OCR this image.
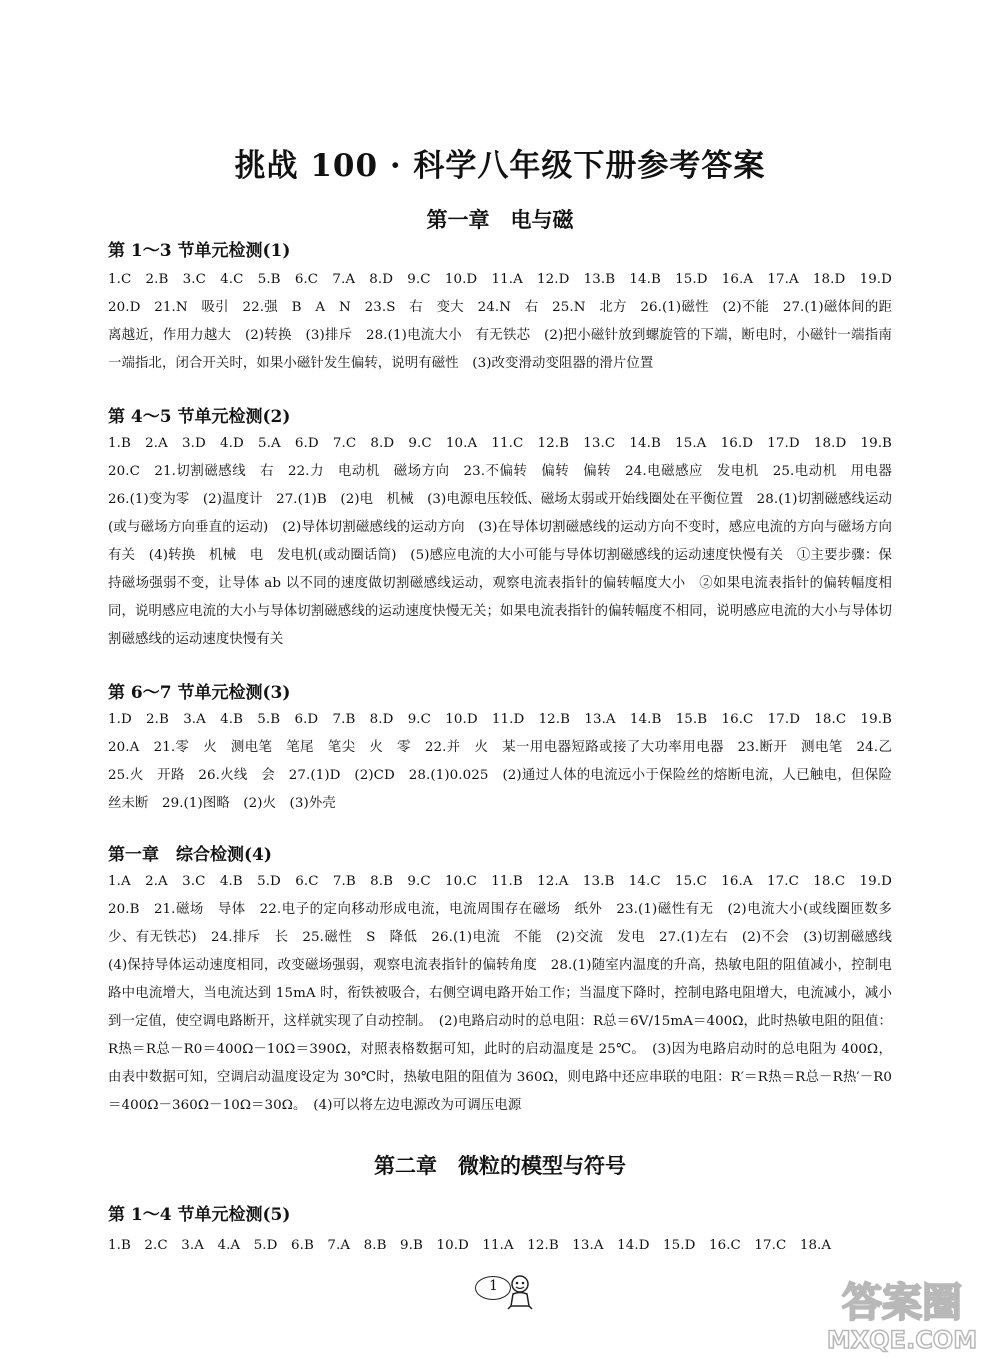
挑战 100 · 科学八年级下册参考答案
第一章　电与磁
第 1～3 节单元检测(1)
1.C　2.B　3.C　4.C　5.B　6.C　7.A　8.D　9.C　10.D　11.A　12.D　13.B　14.B　15.D　16.A　17.A　18.D　19.D　20.D　21.N　吸引　22.强　B　A　N　23.S　右　变大　24.N　右　25.N　北方　26.(1)磁性　(2)不能　27.(1)磁体间的距离越近，作用力越大　(2)转换　(3)排斥　28.(1)电流大小　有无铁芯　(2)把小磁针放到螺旋管的下端，断电时，小磁针一端指南一端指北，闭合开关时，如果小磁针发生偏转，说明有磁性　(3)改变滑动变阻器的滑片位置
第 4～5 节单元检测(2)
1.B　2.A　3.D　4.D　5.A　6.D　7.C　8.D　9.C　10.A　11.C　12.B　13.C　14.B　15.A　16.D　17.D　18.D　19.B　20.C　21.切割磁感线　右　22.力　电动机　磁场方向　23.不偏转　偏转　偏转　24.电磁感应　发电机　25.电动机　用电器　26.(1)变为零　(2)温度计　27.(1)B　(2)电　机械　(3)电源电压较低、磁场太弱或开始线圈处在平衡位置　28.(1)切割磁感线运动(或与磁场方向垂直的运动)　(2)导体切割磁感线的运动方向　(3)在导体切割磁感线的运动方向不变时，感应电流的方向与磁场方向有关　(4)转换　机械　电　发电机(或动圈话筒)　(5)感应电流的大小可能与导体切割磁感线的运动速度快慢有关　①主要步骤：保持磁场强弱不变，让导体 ab 以不同的速度做切割磁感线运动，观察电流表指针的偏转幅度大小　②如果电流表指针的偏转幅度相同，说明感应电流的大小与导体切割磁感线的运动速度快慢无关；如果电流表指针的偏转幅度不相同，说明感应电流的大小与导体切割磁感线的运动速度快慢有关
第 6～7 节单元检测(3)
1.D　2.B　3.A　4.B　5.B　6.D　7.B　8.D　9.C　10.D　11.D　12.B　13.A　14.B　15.B　16.C　17.D　18.C　19.B　20.A　21.零　火　测电笔　笔尾　笔尖　火　零　22.并　火　某一用电器短路或接了大功率用电器　23.断开　测电笔　24.乙　25.火　开路　26.火线　会　27.(1)D　(2)CD　28.(1)0.025　(2)通过人体的电流远小于保险丝的熔断电流，人已触电，但保险丝未断　29.(1)图略　(2)火　(3)外壳
第一章　综合检测(4)
1.A　2.A　3.C　4.B　5.D　6.C　7.B　8.B　9.C　10.C　11.B　12.A　13.B　14.C　15.C　16.A　17.C　18.C　19.D　20.B　21.磁场　导体　22.电子的定向移动形成电流，电流周围存在磁场　纸外　23.(1)磁性有无　(2)电流大小(或线圈匝数多少、有无铁芯)　24.排斥　长　25.磁性　S　降低　26.(1)电流　不能　(2)交流　发电　27.(1)左右　(2)不会　(3)切割磁感线　(4)保持导体运动速度相同，改变磁场强弱，观察电流表指针的偏转角度　28.(1)随室内温度的升高，热敏电阻的阻值减小，控制电路中电流增大，当电流达到 15mA 时，衔铁被吸合，右侧空调电路开始工作；当温度下降时，控制电路电阻增大，电流减小，减小到一定值，使空调电路断开，这样就实现了自动控制。　(2)电路启动时的总电阻：R总＝6V/15mA＝400Ω，此时热敏电阻的阻值：R热＝R总－R0＝400Ω－10Ω＝390Ω，对照表格数据可知，此时的启动温度是 25℃。　(3)因为电路启动时的总电阻为 400Ω，由表中数据可知，空调启动温度设定为 30℃时，热敏电阻的阻值为 360Ω，则电路中还应串联的电阻：R′＝R热＝R总－R热′－R0＝400Ω－360Ω－10Ω＝30Ω。　(4)可以将左边电源改为可调压电源
第二章　微粒的模型与符号
第 1～4 节单元检测(5)
1.B　2.C　3.A　4.A　5.D　6.B　7.A　8.B　9.B　10.D　11.A　12.B　13.A　14.D　15.D　16.C　17.C　18.A
1	答案圈
MXQE.COM
